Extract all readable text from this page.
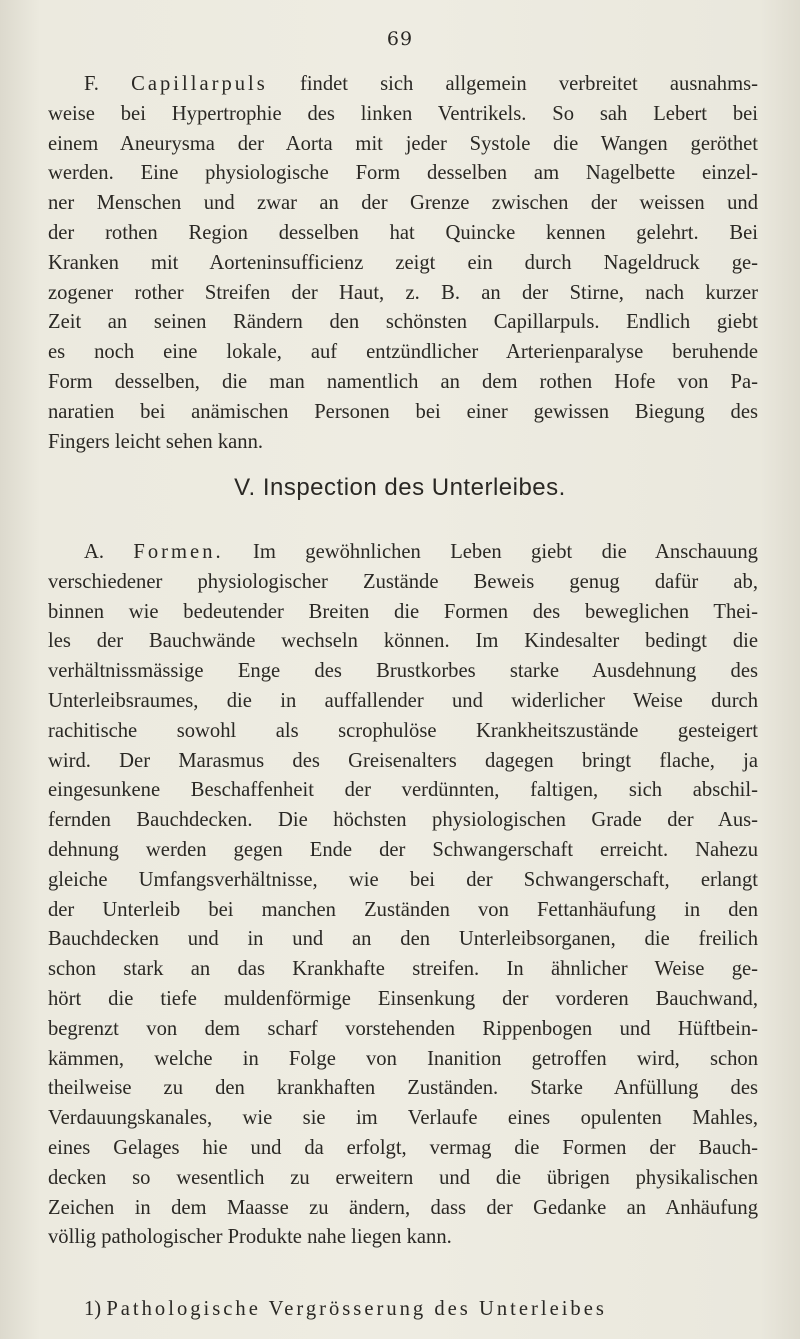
69
F. Capillarpuls findet sich allgemein verbreitet ausnahms-
weise bei Hypertrophie des linken Ventrikels. So sah Lebert bei
einem Aneurysma der Aorta mit jeder Systole die Wangen geröthet
werden. Eine physiologische Form desselben am Nagelbette einzel-
ner Menschen und zwar an der Grenze zwischen der weissen und
der rothen Region desselben hat Quincke kennen gelehrt. Bei
Kranken mit Aorteninsufficienz zeigt ein durch Nageldruck ge-
zogener rother Streifen der Haut, z. B. an der Stirne, nach kurzer
Zeit an seinen Rändern den schönsten Capillarpuls. Endlich giebt
es noch eine lokale, auf entzündlicher Arterienparalyse beruhende
Form desselben, die man namentlich an dem rothen Hofe von Pa-
naratien bei anämischen Personen bei einer gewissen Biegung des
Fingers leicht sehen kann.
V. Inspection des Unterleibes.
A. Formen. Im gewöhnlichen Leben giebt die Anschauung
verschiedener physiologischer Zustände Beweis genug dafür ab,
binnen wie bedeutender Breiten die Formen des beweglichen Thei-
les der Bauchwände wechseln können. Im Kindesalter bedingt die
verhältnissmässige Enge des Brustkorbes starke Ausdehnung des
Unterleibsraumes, die in auffallender und widerlicher Weise durch
rachitische sowohl als scrophulöse Krankheitszustände gesteigert
wird. Der Marasmus des Greisenalters dagegen bringt flache, ja
eingesunkene Beschaffenheit der verdünnten, faltigen, sich abschil-
fernden Bauchdecken. Die höchsten physiologischen Grade der Aus-
dehnung werden gegen Ende der Schwangerschaft erreicht. Nahezu
gleiche Umfangsverhältnisse, wie bei der Schwangerschaft, erlangt
der Unterleib bei manchen Zuständen von Fettanhäufung in den
Bauchdecken und in und an den Unterleibsorganen, die freilich
schon stark an das Krankhafte streifen. In ähnlicher Weise ge-
hört die tiefe muldenförmige Einsenkung der vorderen Bauchwand,
begrenzt von dem scharf vorstehenden Rippenbogen und Hüftbein-
kämmen, welche in Folge von Inanition getroffen wird, schon
theilweise zu den krankhaften Zuständen. Starke Anfüllung des
Verdauungskanales, wie sie im Verlaufe eines opulenten Mahles,
eines Gelages hie und da erfolgt, vermag die Formen der Bauch-
decken so wesentlich zu erweitern und die übrigen physikalischen
Zeichen in dem Maasse zu ändern, dass der Gedanke an Anhäufung
völlig pathologischer Produkte nahe liegen kann.
1) Pathologische Vergrösserung des Unterleibes
